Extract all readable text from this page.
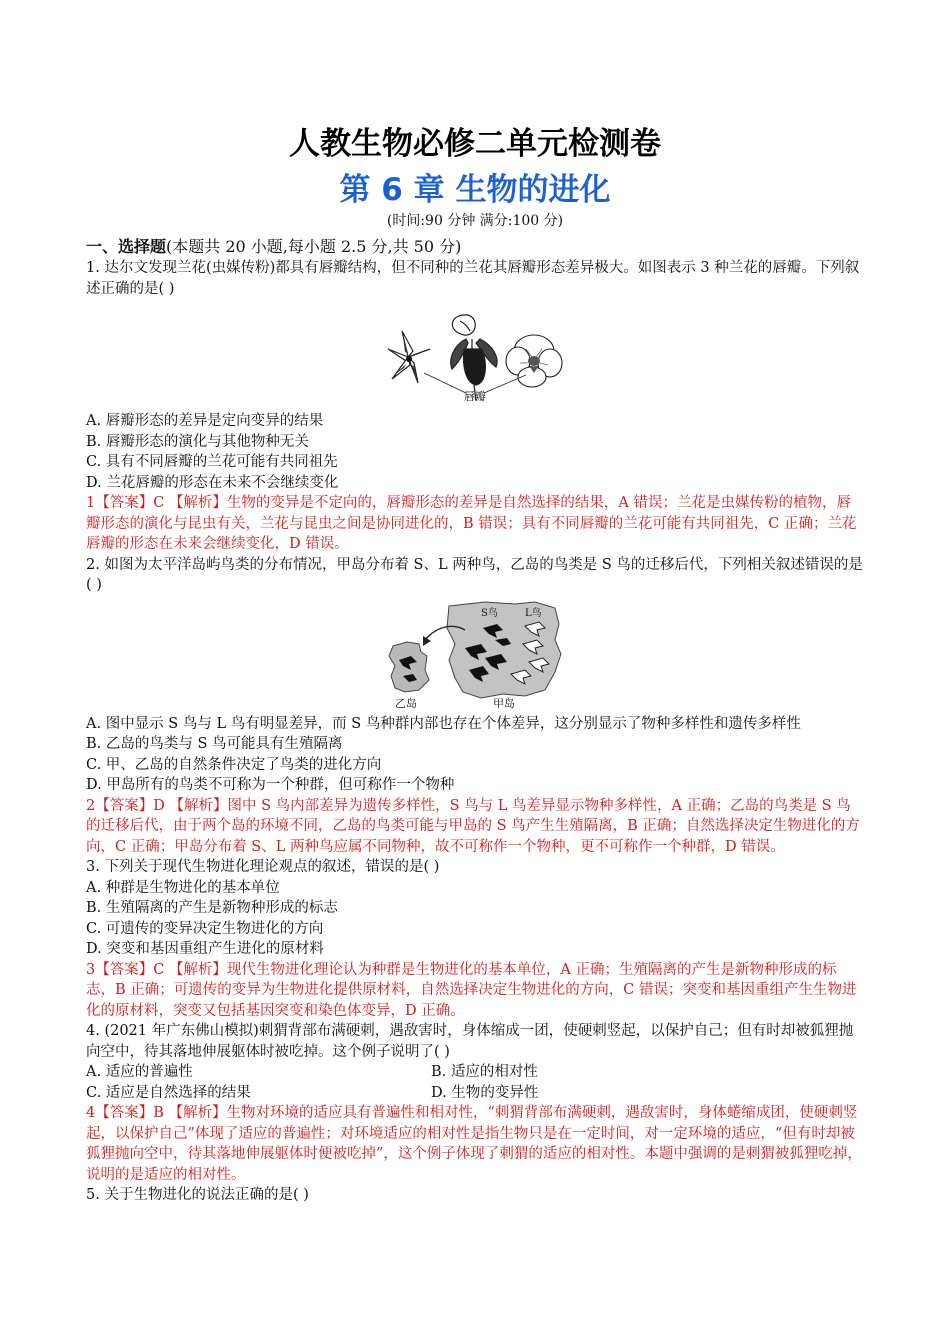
人教生物必修二单元检测卷
第 6 章 生物的进化
(时间:90 分钟 满分:100 分)
一、选择题(本题共 20 小题,每小题 2.5 分,共 50 分)

1. 达尔文发现兰花(虫媒传粉)都具有唇瓣结构，但不同种的兰花其唇瓣形态差异极大。如图表示 3 种兰花的唇瓣。下列叙述正确的是( )

唇瓣

A. 唇瓣形态的差异是定向变异的结果

B. 唇瓣形态的演化与其他物种无关

C. 具有不同唇瓣的兰花可能有共同祖先

D. 兰花唇瓣的形态在未来不会继续变化

1【答案】C 【解析】生物的变异是不定向的，唇瓣形态的差异是自然选择的结果，A 错误；兰花是虫媒传粉的植物，唇瓣形态的演化与昆虫有关，兰花与昆虫之间是协同进化的，B 错误；具有不同唇瓣的兰花可能有共同祖先，C 正确；兰花唇瓣的形态在未来会继续变化，D 错误。

2. 如图为太平洋岛屿鸟类的分布情况，甲岛分布着 S、L 两种鸟，乙岛的鸟类是 S 鸟的迁移后代，下列相关叙述错误的是( )

S鸟	L鸟
乙岛	甲岛

A. 图中显示 S 鸟与 L 鸟有明显差异，而 S 鸟种群内部也存在个体差异，这分别显示了物种多样性和遗传多样性

B. 乙岛的鸟类与 S 鸟可能具有生殖隔离

C. 甲、乙岛的自然条件决定了鸟类的进化方向

D. 甲岛所有的鸟类不可称为一个种群，但可称作一个物种

2【答案】D 【解析】图中 S 鸟内部差异为遗传多样性，S 鸟与 L 鸟差异显示物种多样性，A 正确；乙岛的鸟类是 S 鸟的迁移后代，由于两个岛的环境不同，乙岛的鸟类可能与甲岛的 S 鸟产生生殖隔离，B 正确；自然选择决定生物进化的方向，C 正确；甲岛分布着 S、L 两种鸟应属不同物种，故不可称作一个物种，更不可称作一个种群，D 错误。

3. 下列关于现代生物进化理论观点的叙述，错误的是( )

A. 种群是生物进化的基本单位

B. 生殖隔离的产生是新物种形成的标志

C. 可遗传的变异决定生物进化的方向

D. 突变和基因重组产生进化的原材料

3【答案】C 【解析】现代生物进化理论认为种群是生物进化的基本单位，A 正确；生殖隔离的产生是新物种形成的标志，B 正确；可遗传的变异为生物进化提供原材料，自然选择决定生物进化的方向，C 错误；突变和基因重组产生生物进化的原材料，突变又包括基因突变和染色体变异，D 正确。

4. (2021 年广东佛山模拟)刺猬背部布满硬刺，遇敌害时，身体缩成一团，使硬刺竖起，以保护自己；但有时却被狐狸抛向空中，待其落地伸展躯体时被吃掉。这个例子说明了( )

A. 适应的普遍性	B. 适应的相对性
C. 适应是自然选择的结果	D. 生物的变异性

4【答案】B 【解析】生物对环境的适应具有普遍性和相对性，“刺猬背部布满硬刺，遇敌害时，身体蜷缩成团，使硬刺竖起，以保护自己”体现了适应的普遍性；对环境适应的相对性是指生物只是在一定时间，对一定环境的适应，“但有时却被狐狸抛向空中，待其落地伸展躯体时便被吃掉”，这个例子体现了刺猬的适应的相对性。本题中强调的是刺猬被狐狸吃掉，说明的是适应的相对性。

5. 关于生物进化的说法正确的是( )
